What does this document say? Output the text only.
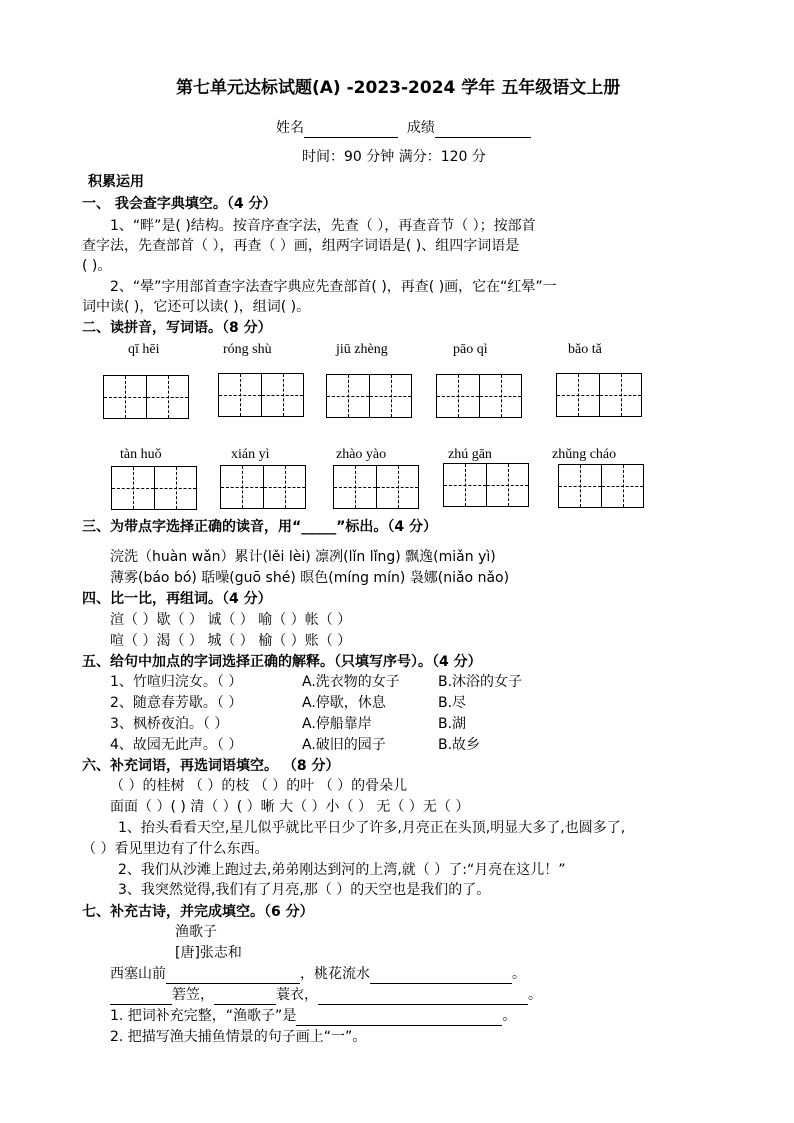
第七单元达标试题(A) -2023-2024 学年 五年级语文上册
姓名	成绩
时间：90 分钟 满分：120 分
积累运用
一、 我会查字典填空。（4 分）
1、“畔”是( )结构。按音序查字法，先查（ ），再查音节（ ）；按部首
查字法，先查部首（ ），再查（ ）画，组两字词语是( )、组四字词语是
( )。
2、“晕”字用部首查字法查字典应先查部首( )，再查( )画，它在“红晕”一
词中读( )，它还可以读( )，组词( )。
二、读拼音，写词语。（8 分）
qī hēi	róng shù	jiū zhèng	pāo qì	bǎo tǎ
tàn huǒ	xián yì	zhào yào	zhú gān	zhǔng cháo
三、为带点字选择正确的读音，用“_____”标出。（4 分）
浣洗（huàn wǎn）累计(lěi lèi) 凛冽(lǐn lǐng) 飘逸(miǎn yì)
薄雾(báo bó) 聒噪(guō shé) 暝色(míng mín) 袅娜(niǎo nǎo)
四、比一比，再组词。（4 分）
渲（ ）歇（ ） 诚（ ） 喻（ ）帐（ ）
喧（ ）渴（ ） 城（ ） 榆（ ）账（ ）
五、给句中加点的字词选择正确的解释。（只填写序号）。（4 分）
1、竹喧归浣女。（ ）	A.洗衣物的女子	B.沐浴的女子
2、随意春芳歇。（ ）	A.停歇，休息	B.尽
3、枫桥夜泊。（ ）	A.停船靠岸	B.湖
4、故园无此声。（ ）	A.破旧的园子	B.故乡
六、补充词语，再选词语填空。 （8 分）
（ ）的桂树 （ ）的枝 （ ）的叶 （ ）的骨朵儿
面面（ ）( ) 清（ ）( ）晰 大（ ）小（ ） 无（ ）无（ ）
1、抬头看看天空,星儿似乎就比平日少了许多,月亮正在头顶,明显大多了,也圆多了,
（ ）看见里边有了什么东西。
2、我们从沙滩上跑过去,弟弟刚达到河的上湾,就（ ）了:“月亮在这儿！”
3、我突然觉得,我们有了月亮,那（ ）的天空也是我们的了。
七、补充古诗，并完成填空。（6 分）
渔歌子
[唐]张志和
西塞山前	，桃花流水	。
箬笠，	蓑衣，	。
1. 把词补充完整，“渔歌子”是	。
2. 把描写渔夫捕鱼情景的句子画上“一”。
